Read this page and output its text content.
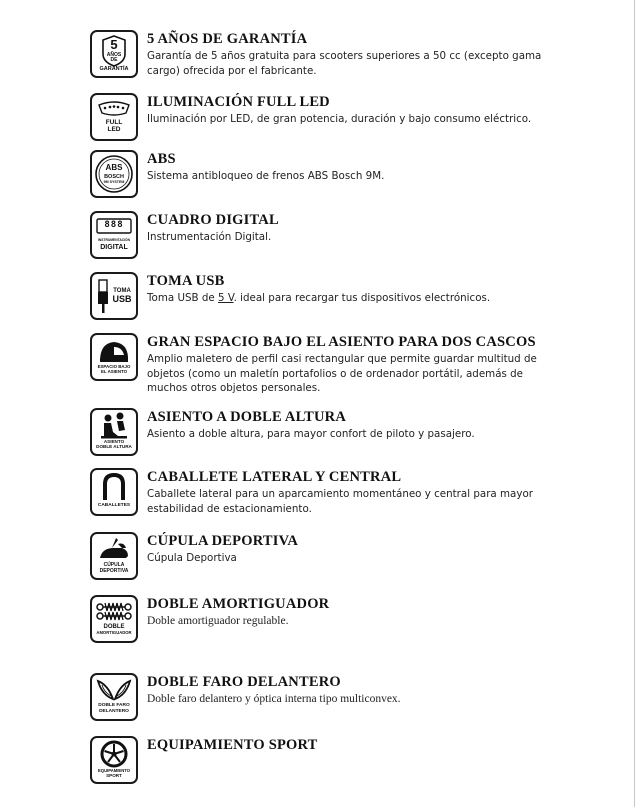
5
AÑOS
DE
GARANTÍA
5 AÑOS DE GARANTÍA
Garantía de 5 años gratuita para scooters superiores a 50 cc (excepto gama cargo) ofrecida por el fabricante.
FULL
LED
ILUMINACIÓN FULL LED
Iluminación por LED, de gran potencia, duración y bajo consumo eléctrico.
ABS
BOSCH
9M SYSTEM
ABS
Sistema antibloqueo de frenos ABS Bosch 9M.
888
INSTRUMENTACIÓN
DIGITAL
CUADRO DIGITAL
Instrumentación Digital.
TOMA
USB
TOMA USB
Toma USB de 5 V. ideal para recargar tus dispositivos electrónicos.
ESPACIO BAJO
EL ASIENTO
GRAN ESPACIO BAJO EL ASIENTO PARA DOS CASCOS
Amplio maletero de perfil casi rectangular que permite guardar multitud de objetos (como un maletín portafolios o de ordenador portátil, además de muchos otros objetos personales.
ASIENTO
DOBLE ALTURA
ASIENTO A DOBLE ALTURA
Asiento a doble altura, para mayor confort de piloto y pasajero.
CABALLETES
CABALLETE LATERAL Y CENTRAL
Caballete lateral para un aparcamiento momentáneo y central para mayor estabilidad de estacionamiento.
CÚPULA
DEPORTIVA
CÚPULA DEPORTIVA
Cúpula Deportiva
DOBLE
AMORTIGUADOR
DOBLE AMORTIGUADOR
Doble amortiguador regulable.
DOBLE FARO
DELANTERO
DOBLE FARO DELANTERO
Doble faro delantero y óptica interna tipo multiconvex.
EQUIPAMIENTO
SPORT
EQUIPAMIENTO SPORT
